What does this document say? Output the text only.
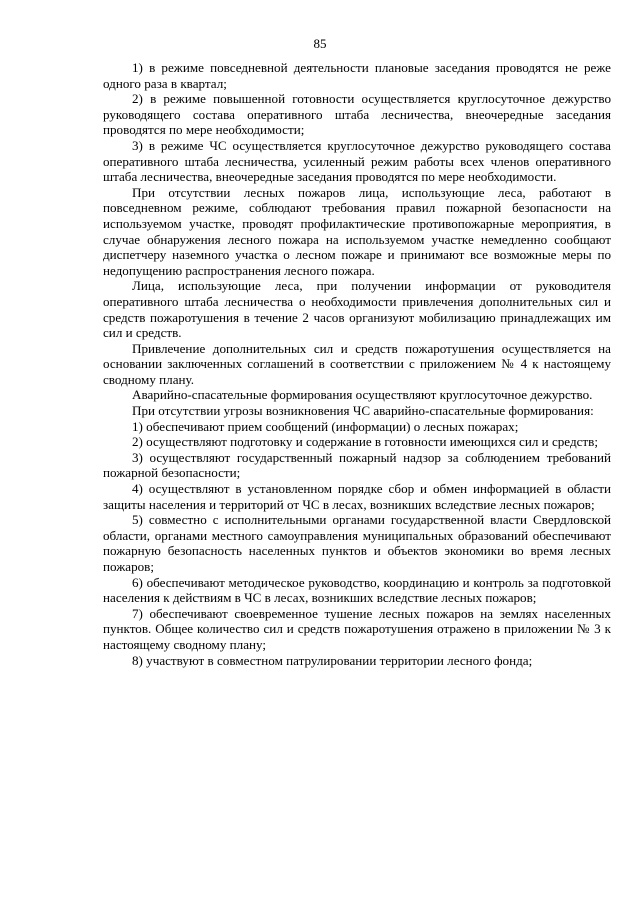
85

1) в режиме повседневной деятельности плановые заседания проводятся не реже одного раза в квартал;

2) в режиме повышенной готовности осуществляется круглосуточное дежурство руководящего состава оперативного штаба лесничества, внеочередные заседания проводятся по мере необходимости;

3) в режиме ЧС осуществляется круглосуточное дежурство руководящего состава оперативного штаба лесничества, усиленный режим работы всех членов оперативного штаба лесничества, внеочередные заседания проводятся по мере необходимости.

При отсутствии лесных пожаров лица, использующие леса, работают в повседневном режиме, соблюдают требования правил пожарной безопасности на используемом участке, проводят профилактические противопожарные мероприятия, в случае обнаружения лесного пожара на используемом участке немедленно сообщают диспетчеру наземного участка о лесном пожаре и принимают все возможные меры по недопущению распространения лесного пожара.

Лица, использующие леса, при получении информации от руководителя оперативного штаба лесничества о необходимости привлечения дополнительных сил и средств пожаротушения в течение 2 часов организуют мобилизацию принадлежащих им сил и средств.

Привлечение дополнительных сил и средств пожаротушения осуществляется на основании заключенных соглашений в соответствии с приложением № 4 к настоящему сводному плану.

Аварийно-спасательные формирования осуществляют круглосуточное дежурство.

При отсутствии угрозы возникновения ЧС аварийно-спасательные формирования:

1) обеспечивают прием сообщений (информации) о лесных пожарах;

2) осуществляют подготовку и содержание в готовности имеющихся сил и средств;

3) осуществляют государственный пожарный надзор за соблюдением требований пожарной безопасности;

4) осуществляют в установленном порядке сбор и обмен информацией в области защиты населения и территорий от ЧС в лесах, возникших вследствие лесных пожаров;

5) совместно с исполнительными органами государственной власти Свердловской области, органами местного самоуправления муниципальных образований обеспечивают пожарную безопасность населенных пунктов и объектов экономики во время лесных пожаров;

6) обеспечивают методическое руководство, координацию и контроль за подготовкой населения к действиям в ЧС в лесах, возникших вследствие лесных пожаров;

7) обеспечивают своевременное тушение лесных пожаров на землях населенных пунктов. Общее количество сил и средств пожаротушения отражено в приложении № 3 к настоящему сводному плану;

8) участвуют в совместном патрулировании территории лесного фонда;
